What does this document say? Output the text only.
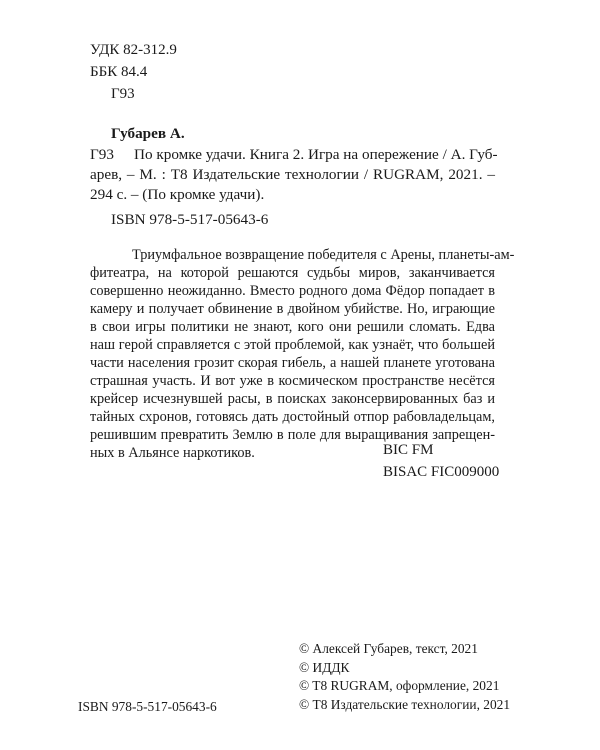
УДК 82-312.9
ББК 84.4
Г93
Губарев А.
Г93	По кромке удачи. Книга 2. Игра на опережение / А. Губ-
арев, – М. : Т8 Издательские технологии / RUGRAM, 2021. –
294 с. – (По кромке удачи).
ISBN 978-5-517-05643-6
Триумфальное возвращение победителя с Арены, планеты-ам-
фитеатра, на которой решаются судьбы миров, заканчивается
совершенно неожиданно. Вместо родного дома Фёдор попадает в
камеру и получает обвинение в двойном убийстве. Но, играющие
в свои игры политики не знают, кого они решили сломать. Едва
наш герой справляется с этой проблемой, как узнаёт, что большей
части населения грозит скорая гибель, а нашей планете уготована
страшная участь. И вот уже в космическом пространстве несётся
крейсер исчезнувшей расы, в поисках законсервированных баз и
тайных схронов, готовясь дать достойный отпор рабовладельцам,
решившим превратить Землю в поле для выращивания запрещен-
ных в Альянсе наркотиков.	BIC FM
BISAC FIC009000
ISBN 978-5-517-05643-6
© Алексей Губарев, текст, 2021
© ИДДК
© T8 RUGRAM, оформление, 2021
© Т8 Издательские технологии, 2021
